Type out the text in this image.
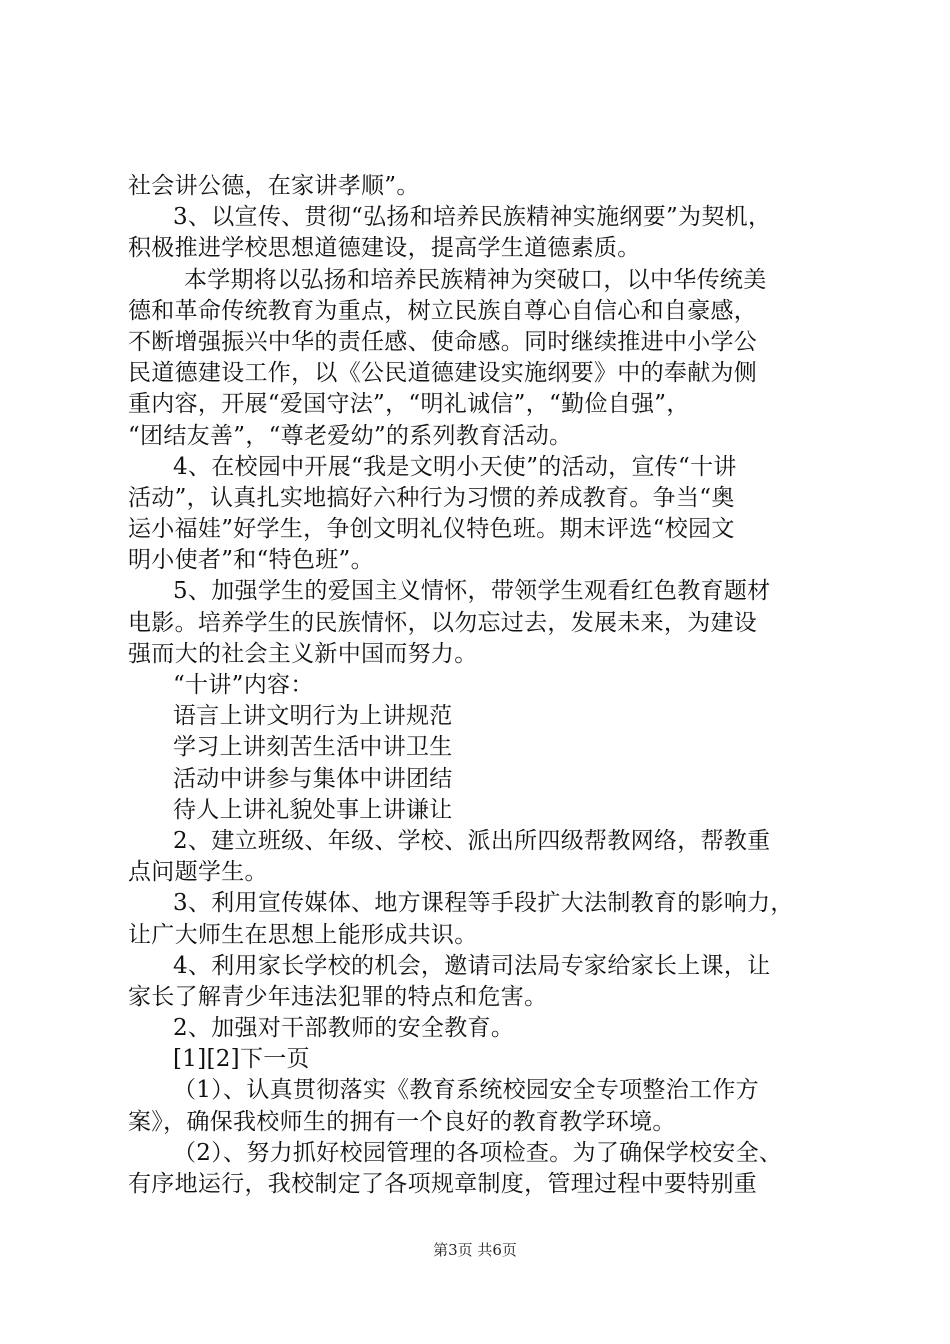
社会讲公德，在家讲孝顺”。
3、以宣传、贯彻“弘扬和培养民族精神实施纲要”为契机，
积极推进学校思想道德建设，提高学生道德素质。
本学期将以弘扬和培养民族精神为突破口，以中华传统美
德和革命传统教育为重点，树立民族自尊心自信心和自豪感，
不断增强振兴中华的责任感、使命感。同时继续推进中小学公
民道德建设工作，以《公民道德建设实施纲要》中的奉献为侧
重内容，开展“爱国守法”，“明礼诚信”，“勤俭自强”，
“团结友善”，“尊老爱幼”的系列教育活动。
4、在校园中开展“我是文明小天使”的活动，宣传“十讲
活动”，认真扎实地搞好六种行为习惯的养成教育。争当“奥
运小福娃”好学生，争创文明礼仪特色班。期末评选“校园文
明小使者”和“特色班”。
5、加强学生的爱国主义情怀，带领学生观看红色教育题材
电影。培养学生的民族情怀，以勿忘过去，发展未来，为建设
强而大的社会主义新中国而努力。
“十讲”内容：
语言上讲文明行为上讲规范
学习上讲刻苦生活中讲卫生
活动中讲参与集体中讲团结
待人上讲礼貌处事上讲谦让
2、建立班级、年级、学校、派出所四级帮教网络，帮教重
点问题学生。
3、利用宣传媒体、地方课程等手段扩大法制教育的影响力，
让广大师生在思想上能形成共识。
4、利用家长学校的机会，邀请司法局专家给家长上课，让
家长了解青少年违法犯罪的特点和危害。
2、加强对干部教师的安全教育。
[1][2]下一页
（1）、认真贯彻落实《教育系统校园安全专项整治工作方
案》，确保我校师生的拥有一个良好的教育教学环境。
（2）、努力抓好校园管理的各项检查。为了确保学校安全、
有序地运行，我校制定了各项规章制度，管理过程中要特别重
第3页 共6页
